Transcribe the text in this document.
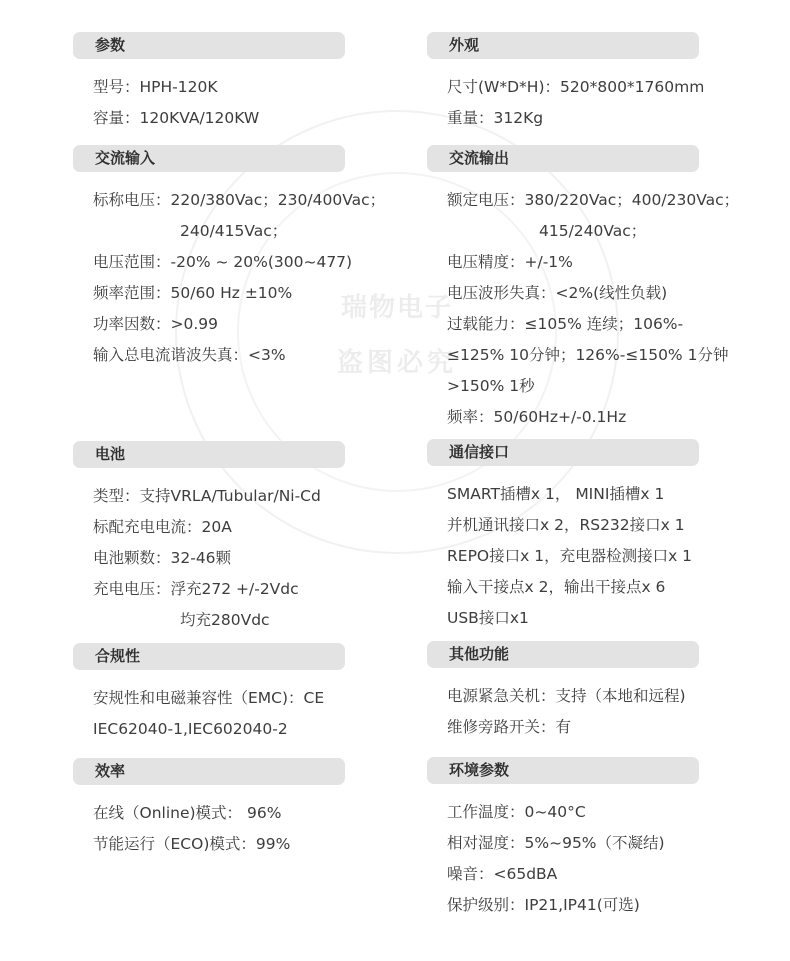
瑞物电子
盗图必究
参数
型号：HPH-120K
容量：120KVA/120KW
交流输入
标称电压：220/380Vac；230/400Vac；
240/415Vac；
电压范围：-20% ~ 20%(300~477)
频率范围：50/60 Hz ±10%
功率因数：>0.99
输入总电流谐波失真：<3%
电池
类型：支持VRLA/Tubular/Ni-Cd
标配充电电流：20A
电池颗数：32-46颗
充电电压：浮充272 +/-2Vdc
均充280Vdc
合规性
安规性和电磁兼容性（EMC)：CE
IEC62040-1,IEC602040-2
效率
在线（Online)模式： 96%
节能运行（ECO)模式：99%
外观
尺寸(W*D*H)：520*800*1760mm
重量：312Kg
交流输出
额定电压：380/220Vac；400/230Vac；
415/240Vac；
电压精度：+/-1%
电压波形失真：<2%(线性负载)
过载能力：≤105% 连续；106%-
≤125% 10分钟；126%-≤150% 1分钟
>150% 1秒
频率：50/60Hz+/-0.1Hz
通信接口
SMART插槽x 1， MINI插槽x 1
并机通讯接口x 2，RS232接口x 1
REPO接口x 1，充电器检测接口x 1
输入干接点x 2，输出干接点x 6
USB接口x1
其他功能
电源紧急关机：支持（本地和远程)
维修旁路开关：有
环境参数
工作温度：0~40°C
相对湿度：5%~95%（不凝结)
噪音：<65dBA
保护级别：IP21,IP41(可选)
